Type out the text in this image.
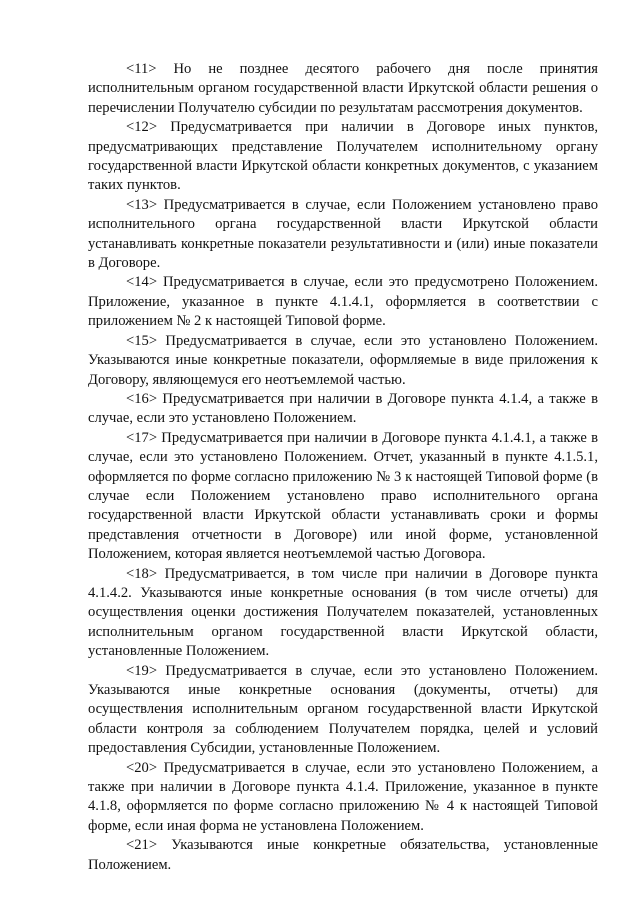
<11> Но не позднее десятого рабочего дня после принятия исполнительным органом государственной власти Иркутской области решения о перечислении Получателю субсидии по результатам рассмотрения документов.

<12> Предусматривается при наличии в Договоре иных пунктов, предусматривающих представление Получателем исполнительному органу государственной власти Иркутской области конкретных документов, с указанием таких пунктов.

<13> Предусматривается в случае, если Положением установлено право исполнительного органа государственной власти Иркутской области устанавливать конкретные показатели результативности и (или) иные показатели в Договоре.

<14> Предусматривается в случае, если это предусмотрено Положением. Приложение, указанное в пункте 4.1.4.1, оформляется в соответствии с приложением № 2 к настоящей Типовой форме.

<15> Предусматривается в случае, если это установлено Положением. Указываются иные конкретные показатели, оформляемые в виде приложения к Договору, являющемуся его неотъемлемой частью.

<16> Предусматривается при наличии в Договоре пункта 4.1.4, а также в случае, если это установлено Положением.

<17> Предусматривается при наличии в Договоре пункта 4.1.4.1, а также в случае, если это установлено Положением. Отчет, указанный в пункте 4.1.5.1, оформляется по форме согласно приложению № 3 к настоящей Типовой форме (в случае если Положением установлено право исполнительного органа государственной власти Иркутской области устанавливать сроки и формы представления отчетности в Договоре) или иной форме, установленной Положением, которая является неотъемлемой частью Договора.

<18> Предусматривается, в том числе при наличии в Договоре пункта 4.1.4.2. Указываются иные конкретные основания (в том числе отчеты) для осуществления оценки достижения Получателем показателей, установленных исполнительным органом государственной власти Иркутской области, установленные Положением.

<19> Предусматривается в случае, если это установлено Положением. Указываются иные конкретные основания (документы, отчеты) для осуществления исполнительным органом государственной власти Иркутской области контроля за соблюдением Получателем порядка, целей и условий предоставления Субсидии, установленные Положением.

<20> Предусматривается в случае, если это установлено Положением, а также при наличии в Договоре пункта 4.1.4. Приложение, указанное в пункте 4.1.8, оформляется по форме согласно приложению № 4 к настоящей Типовой форме, если иная форма не установлена Положением.

<21> Указываются иные конкретные обязательства, установленные Положением.
